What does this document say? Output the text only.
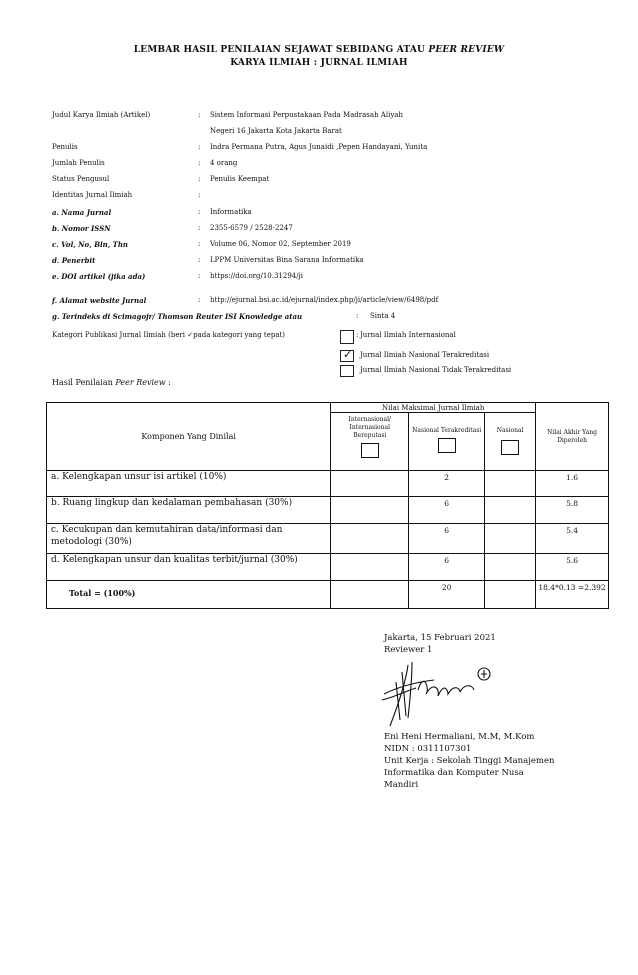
LEMBAR HASIL PENILAIAN SEJAWAT SEBIDANG ATAU PEER REVIEW
KARYA ILMIAH : JURNAL ILMIAH
Judul Karya Ilmiah (Artikel)	: Sistem Informasi Perpustakaan Pada Madrasah Aliyah
Negeri 16 Jakarta Kota Jakarta Barat
Penulis	: Indra Permana Putra, Agus Junaidi ,Pepen Handayani, Yunita
Jumlah Penulis	: 4 orang
Status Pengusul	: Penulis Keempat
Identitas Jurnal Ilmiah	:
a. Nama Jurnal	: Informatika
b. Nomor ISSN	: 2355-6579 / 2528-2247
c. Vol, No, Bln, Thn	: Volume 06, Nomor 02, September 2019
d. Penerbit	: LPPM Universitas Bina Sarana Informatika
e. DOI artikel (jika ada)	: https://doi.org/10.31294/ji
f. Alamat website Jurnal	: http://ejurnal.bsi.ac.id/ejurnal/index.php/ji/article/view/6498/pdf
g. Terindeks di Scimagojr/ Thomson Reuter ISI Knowledge atau	: Sinta 4
Kategori Publikasi Jurnal Ilmiah (beri ✓pada kategori yang tepat)	: Jurnal Ilmiah Internasional
✓ Jurnal Ilmiah Nasional Terakreditasi
Jurnal Ilmiah Nasional Tidak Terakreditasi
Hasil Penilaian Peer Review :
Komponen Yang Dinilai	Nilai Maksimal Jurnal Ilmiah			Nilai Akhir Yang Diperoleh

	Internasional/ Internasional Bereputasi	Nasional Terakreditasi	Nasional	

a. Kelengkapan unsur isi artikel (10%)		2		1.6
b. Ruang lingkup dan kedalaman pembahasan (30%)		6		5.8
c. Kecukupan dan kemutahiran data/informasi dan metodologi (30%)		6		5.4
d. Kelengkapan unsur dan kualitas terbit/jurnal (30%)		6		5.6
Total = (100%)		20		18.4*0.13 =2.392
Jakarta, 15 Februari 2021
Reviewer 1
Eni Heni Hermaliani, M.M, M.Kom
NIDN : 0311107301
Unit Kerja : Sekolah Tinggi Manajemen
Informatika dan Komputer Nusa
Mandiri
